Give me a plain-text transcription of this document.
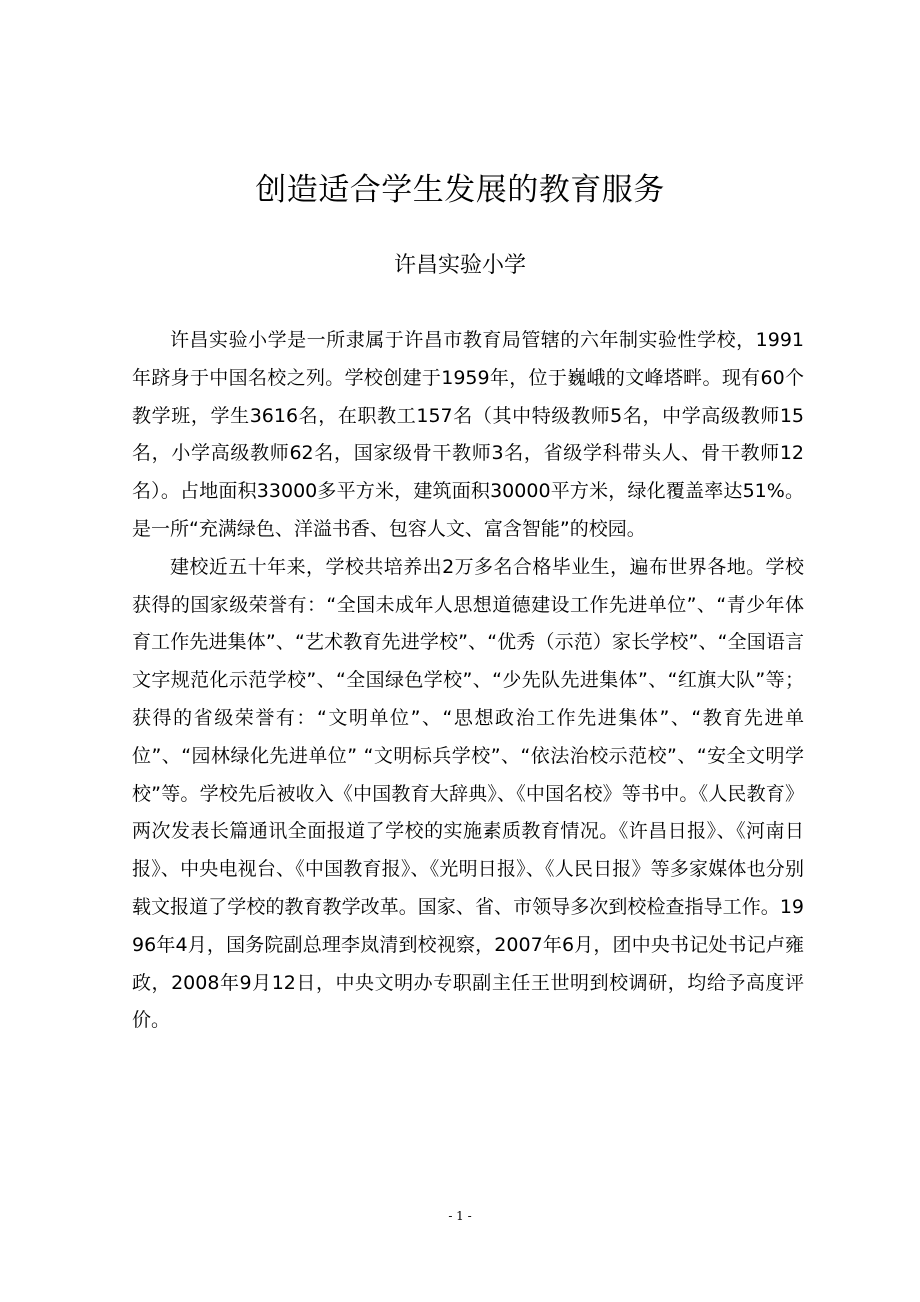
创造适合学生发展的教育服务
许昌实验小学

许昌实验小学是一所隶属于许昌市教育局管辖的六年制实验性学校，1991年跻身于中国名校之列。学校创建于1959年，位于巍峨的文峰塔畔。现有60个教学班，学生3616名，在职教工157名（其中特级教师5名，中学高级教师15名，小学高级教师62名，国家级骨干教师3名，省级学科带头人、骨干教师12名）。占地面积33000多平方米，建筑面积30000平方米，绿化覆盖率达51%。是一所“充满绿色、洋溢书香、包容人文、富含智能”的校园。

建校近五十年来，学校共培养出2万多名合格毕业生，遍布世界各地。学校获得的国家级荣誉有：“全国未成年人思想道德建设工作先进单位”、“青少年体育工作先进集体”、“艺术教育先进学校”、“优秀（示范）家长学校”、“全国语言文字规范化示范学校”、“全国绿色学校”、“少先队先进集体”、“红旗大队”等；获得的省级荣誉有：“文明单位”、“思想政治工作先进集体”、“教育先进单位”、“园林绿化先进单位” “文明标兵学校”、“依法治校示范校”、“安全文明学校”等。学校先后被收入《中国教育大辞典》、《中国名校》等书中。《人民教育》两次发表长篇通讯全面报道了学校的实施素质教育情况。《许昌日报》、《河南日报》、中央电视台、《中国教育报》、《光明日报》、《人民日报》等多家媒体也分别载文报道了学校的教育教学改革。国家、省、市领导多次到校检查指导工作。1996年4月，国务院副总理李岚清到校视察，2007年6月，团中央书记处书记卢雍政，2008年9月12日，中央文明办专职副主任王世明到校调研，均给予高度评价。

- 1 -
